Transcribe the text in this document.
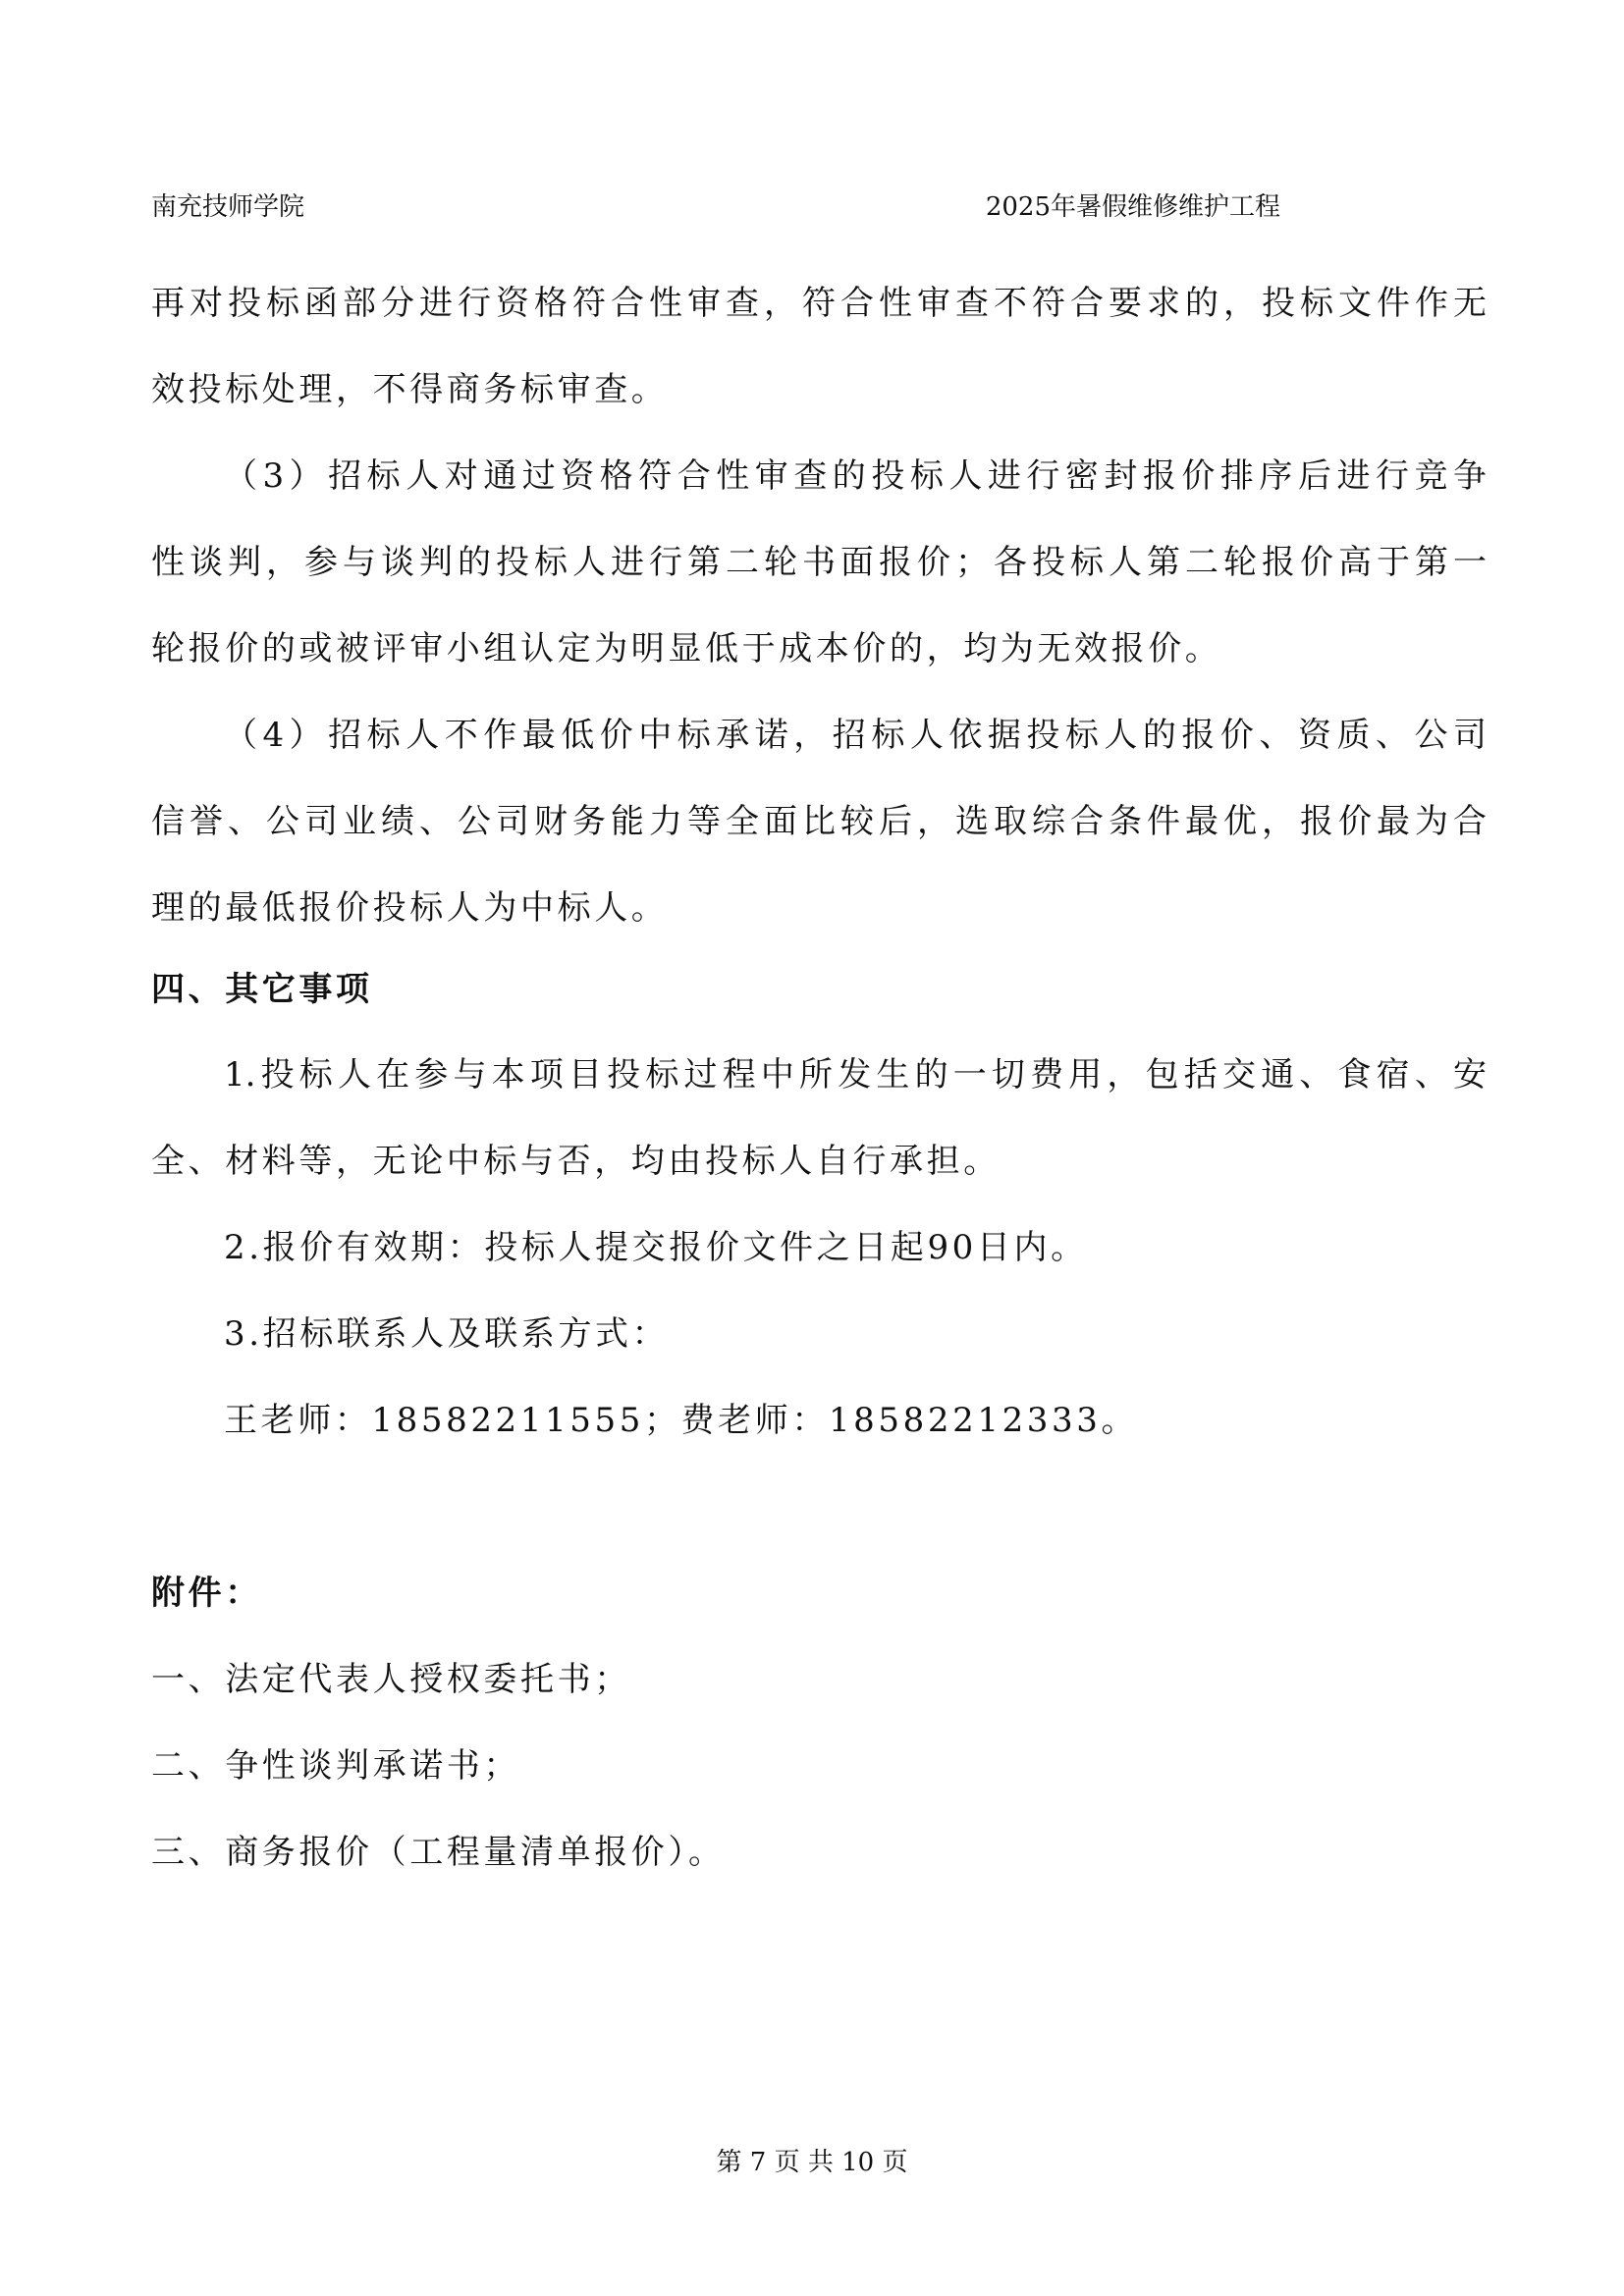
南充技师学院	2025年暑假维修维护工程
再对投标函部分进行资格符合性审查，符合性审查不符合要求的，投标文件作无
效投标处理，不得商务标审查。
（3）招标人对通过资格符合性审查的投标人进行密封报价排序后进行竞争
性谈判，参与谈判的投标人进行第二轮书面报价；各投标人第二轮报价高于第一
轮报价的或被评审小组认定为明显低于成本价的，均为无效报价。
（4）招标人不作最低价中标承诺，招标人依据投标人的报价、资质、公司
信誉、公司业绩、公司财务能力等全面比较后，选取综合条件最优，报价最为合
理的最低报价投标人为中标人。
四、其它事项
1.投标人在参与本项目投标过程中所发生的一切费用，包括交通、食宿、安
全、材料等，无论中标与否，均由投标人自行承担。
2.报价有效期：投标人提交报价文件之日起90日内。
3.招标联系人及联系方式：
王老师：18582211555；费老师：18582212333。
附件：
一、法定代表人授权委托书；
二、争性谈判承诺书；
三、商务报价（工程量清单报价）。
第 7 页 共 10 页
